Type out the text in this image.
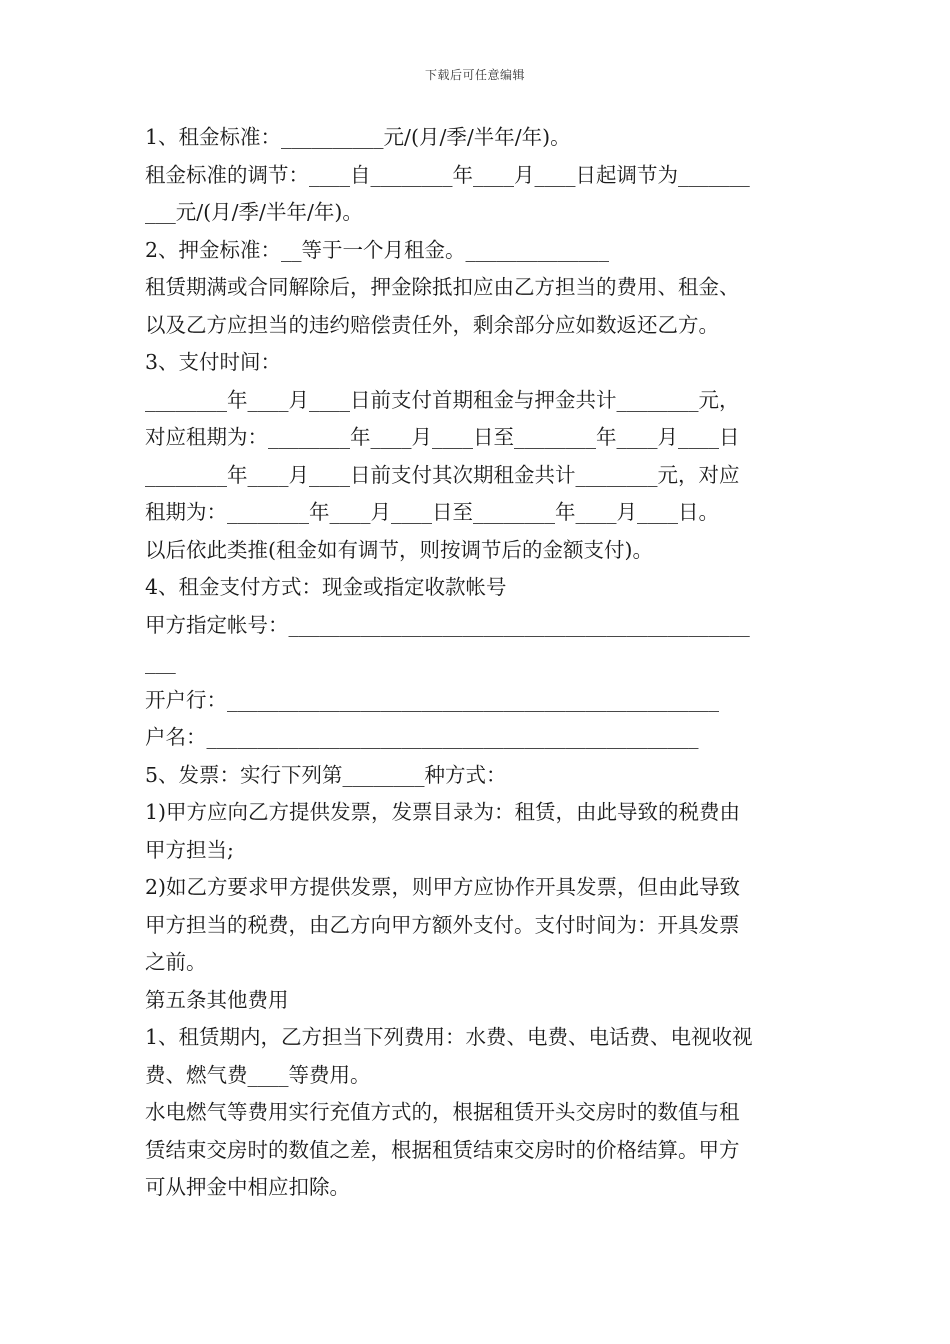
下载后可任意编辑
1、租金标准：__________元/(月/季/半年/年)。
租金标准的调节：____自________年____月____日起调节为_______
___元/(月/季/半年/年)。
2、押金标准：__等于一个月租金。______________
租赁期满或合同解除后，押金除抵扣应由乙方担当的费用、租金、
以及乙方应担当的违约赔偿责任外，剩余部分应如数返还乙方。
3、支付时间：
________年____月____日前支付首期租金与押金共计________元，
对应租期为：________年____月____日至________年____月____日
________年____月____日前支付其次期租金共计________元，对应
租期为：________年____月____日至________年____月____日。
以后依此类推(租金如有调节，则按调节后的金额支付)。
4、租金支付方式：现金或指定收款帐号
甲方指定帐号：_____________________________________________
___
开户行：________________________________________________
户名：________________________________________________
5、发票：实行下列第________种方式：
1)甲方应向乙方提供发票，发票目录为：租赁，由此导致的税费由
甲方担当;
2)如乙方要求甲方提供发票，则甲方应协作开具发票，但由此导致
甲方担当的税费，由乙方向甲方额外支付。支付时间为：开具发票
之前。
第五条其他费用
1、租赁期内，乙方担当下列费用：水费、电费、电话费、电视收视
费、燃气费____等费用。
水电燃气等费用实行充值方式的，根据租赁开头交房时的数值与租
赁结束交房时的数值之差，根据租赁结束交房时的价格结算。甲方
可从押金中相应扣除。
